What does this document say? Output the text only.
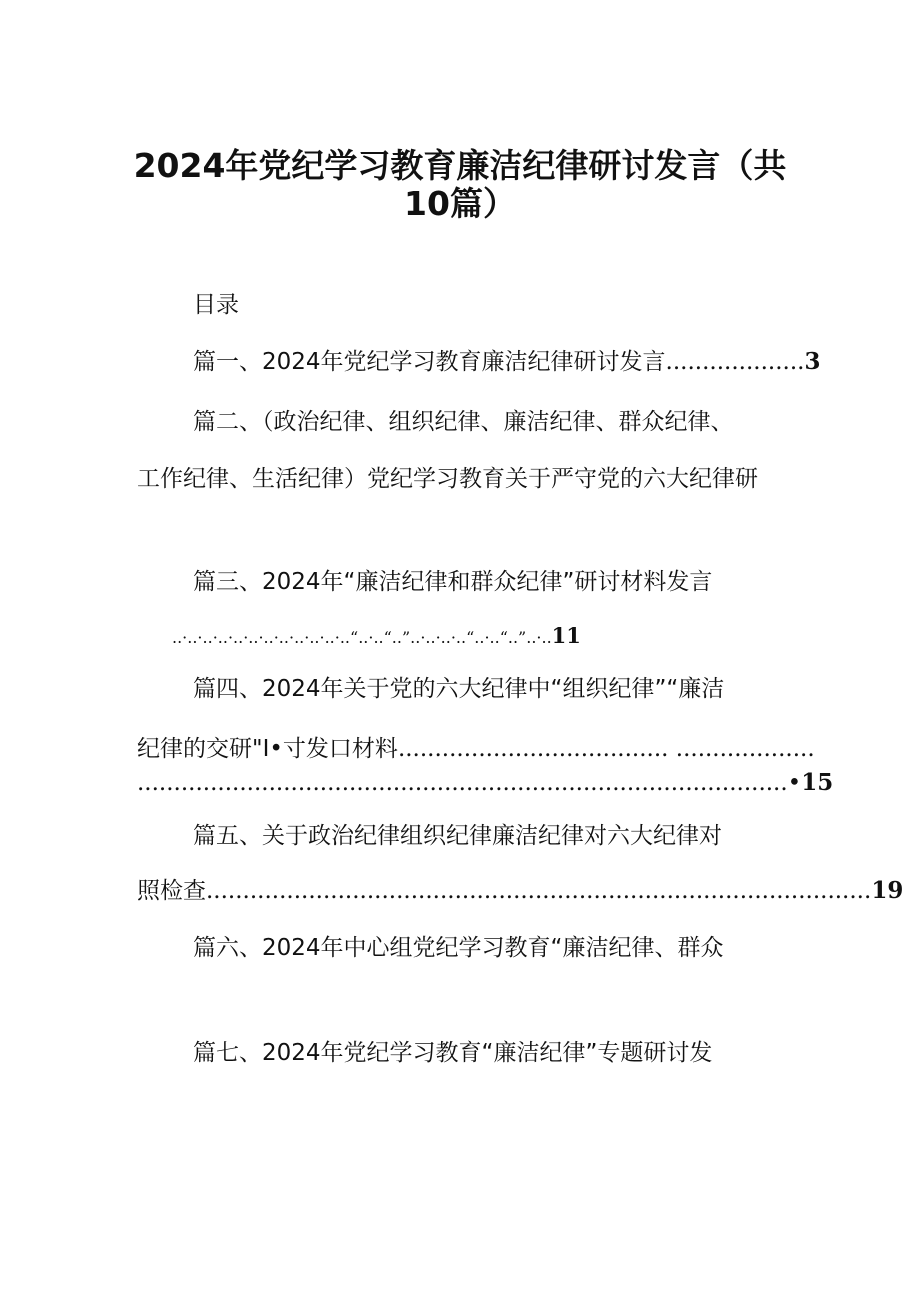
2024年党纪学习教育廉洁纪律研讨发言（共
10篇）
目录
篇一、2024年党纪学习教育廉洁纪律研讨发言...................3
篇二、（政治纪律、组织纪律、廉洁纪律、群众纪律、
工作纪律、生活纪律）党纪学习教育关于严守党的六大纪律研
篇三、2024年“廉洁纪律和群众纪律”研讨材料发言
..·..·..·..·..·..·..·..·..·..·..·..“..·..“..”..·..·..·..“..·..“..”..·..11
篇四、2024年关于党的六大纪律中“组织纪律”“廉洁
纪律的交研"I•寸发口材料..................................... ...................
.........................................................................................•15
篇五、关于政治纪律组织纪律廉洁纪律对六大纪律对
照检查...........................................................................................19
篇六、2024年中心组党纪学习教育“廉洁纪律、群众
篇七、2024年党纪学习教育“廉洁纪律”专题研讨发
